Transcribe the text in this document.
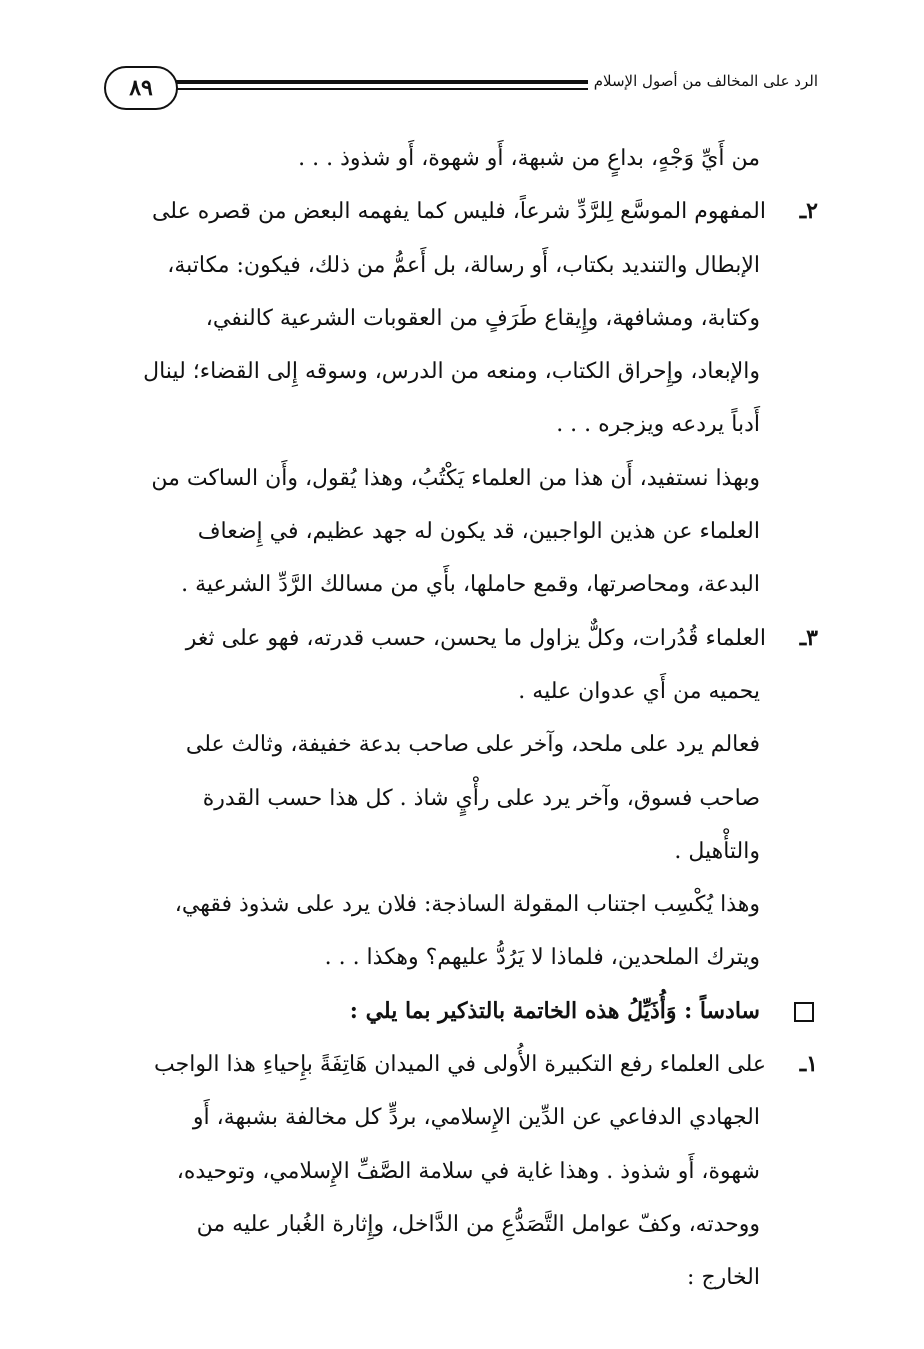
٨٩	الرد على المخالف من أصول الإسلام
من أَيِّ وَجْهٍ، بداعٍ من شبهة، أَو شهوة، أَو شذوذ . . .
٢ـالمفهوم الموسَّع لِلرَّدِّ شرعاً، فليس كما يفهمه البعض من قصره على
الإبطال والتنديد بكتاب، أَو رسالة، بل أَعمُّ من ذلك، فيكون: مكاتبة،
وكتابة، ومشافهة، وإِيقاع طَرَفٍ من العقوبات الشرعية كالنفي،
والإبعاد، وإِحراق الكتاب، ومنعه من الدرس، وسوقه إِلى القضاء؛ لينال
أَدباً يردعه ويزجره . . .
وبهذا نستفيد، أَن هذا من العلماء يَكْتُبُ، وهذا يُقول، وأَن الساكت من
العلماء عن هذين الواجبين، قد يكون له جهد عظيم، في إِضعاف
البدعة، ومحاصرتها، وقمع حاملها، بأَي من مسالك الرَّدِّ الشرعية .
٣ـالعلماء قُدُرات، وكلٌّ يزاول ما يحسن، حسب قدرته، فهو على ثغر
يحميه من أَي عدوان عليه .
فعالم يرد على ملحد، وآخر على صاحب بدعة خفيفة، وثالث على
صاحب فسوق، وآخر يرد على رأْيٍ شاذ . كل هذا حسب القدرة
والتأْهيل .
وهذا يُكْسِب اجتناب المقولة الساذجة: فلان يرد على شذوذ فقهي،
ويترك الملحدين، فلماذا لا يَرُدُّ عليهم؟ وهكذا . . .
سادساً : وَأُذَيِّلُ هذه الخاتمة بالتذكير بما يلي :
١ـعلى العلماء رفع التكبيرة الأُولى في الميدان هَاتِفَةً بإِحياءِ هذا الواجب
الجهادي الدفاعي عن الدِّين الإِسلامي، بردٍّ كل مخالفة بشبهة، أَو
شهوة، أَو شذوذ . وهذا غاية في سلامة الصَّفِّ الإِسلامي، وتوحيده،
ووحدته، وكفّ عوامل التَّصَدُّعِ من الدَّاخل، وإِثارة الغُبار عليه من
الخارج :
